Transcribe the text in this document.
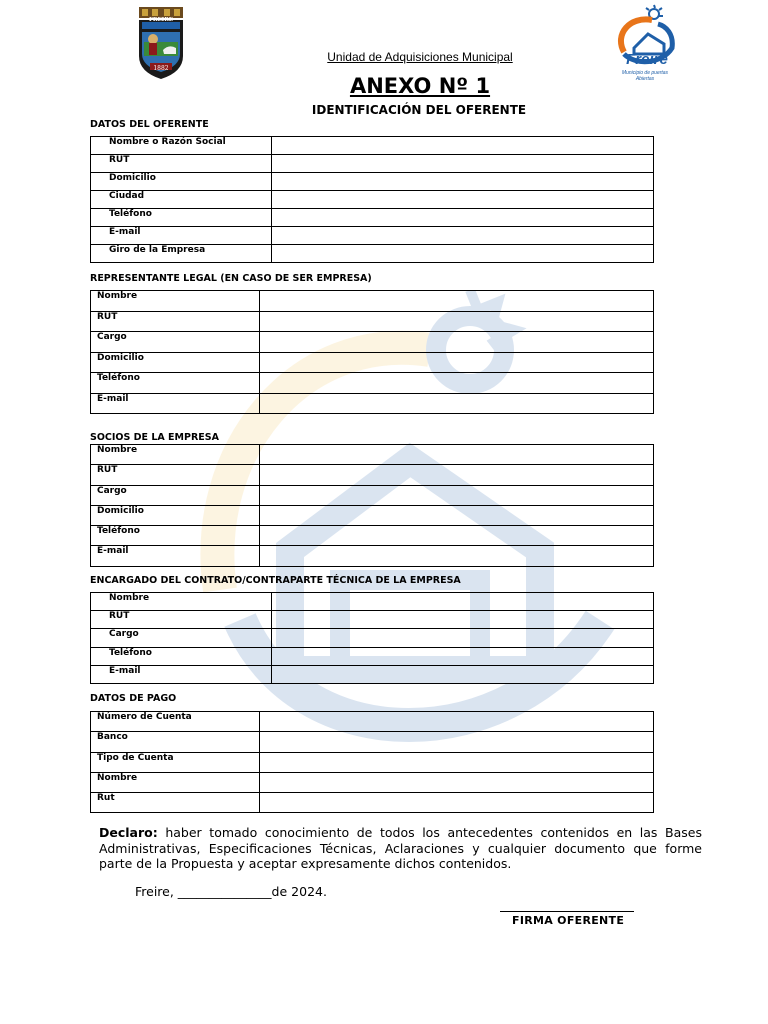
FREIRE
1882
Freire
Municipio de puertas Abiertas
Unidad de Adquisiciones Municipal
ANEXO Nº 1
IDENTIFICACIÓN DEL OFERENTE
DATOS DEL OFERENTE
Nombre o Razón Social	
RUT	
Domicilio	
Ciudad	
Teléfono	
E-mail	
Giro de la Empresa	
REPRESENTANTE LEGAL (EN CASO DE SER EMPRESA)
Nombre	
RUT	
Cargo	
Domicilio	
Teléfono	
E-mail	
SOCIOS DE LA EMPRESA
Nombre	
RUT	
Cargo	
Domicilio	
Teléfono	
E-mail	
ENCARGADO DEL CONTRATO/CONTRAPARTE TÉCNICA DE LA EMPRESA
Nombre	
RUT	
Cargo	
Teléfono	
E-mail	
DATOS DE PAGO
Número de Cuenta	
Banco	
Tipo de Cuenta	
Nombre	
Rut	
Declaro: haber tomado conocimiento de todos los antecedentes contenidos en las Bases Administrativas, Especificaciones Técnicas, Aclaraciones y cualquier documento que forme parte de la Propuesta y aceptar expresamente dichos contenidos.
Freire, _______________de 2024.
FIRMA OFERENTE
